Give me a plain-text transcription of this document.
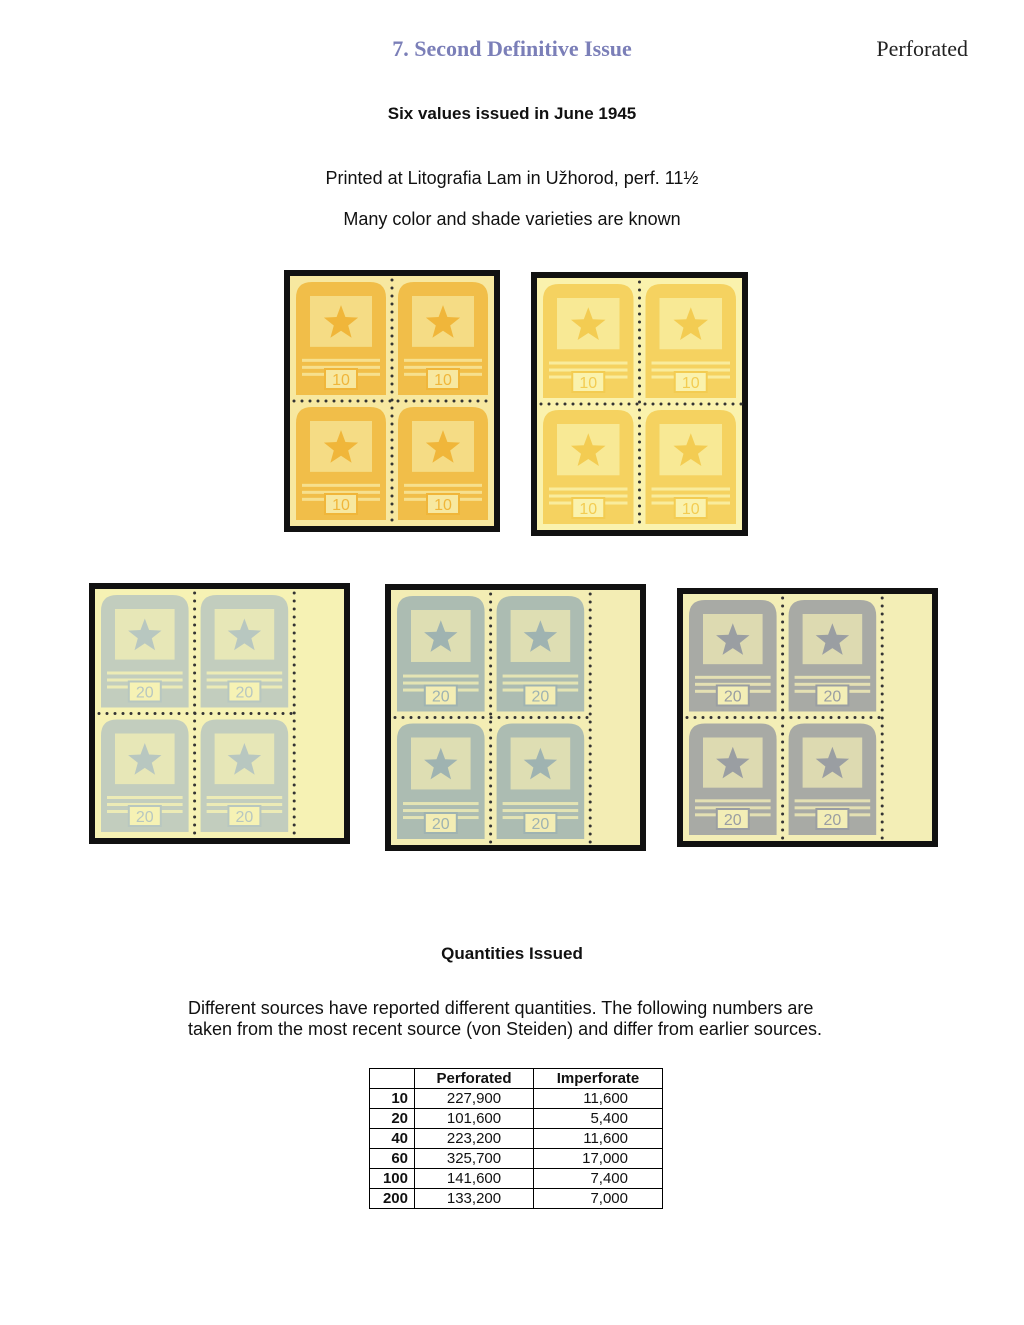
7. Second Definitive Issue	Perforated
Six values issued in June 1945
Printed at Litografia Lam in Užhorod, perf. 11½
Many color and shade varieties are known
10	10
10	10
10	10
10	10
20	20
20	20
20	20
20	20
20	20
20	20
Quantities Issued
Different sources have reported different quantities. The following numbers are taken from the most recent source (von Steiden) and differ from earlier sources.
	Perforated	Imperforate
10	227,900	11,600
20	101,600	5,400
40	223,200	11,600
60	325,700	17,000
100	141,600	7,400
200	133,200	7,000
